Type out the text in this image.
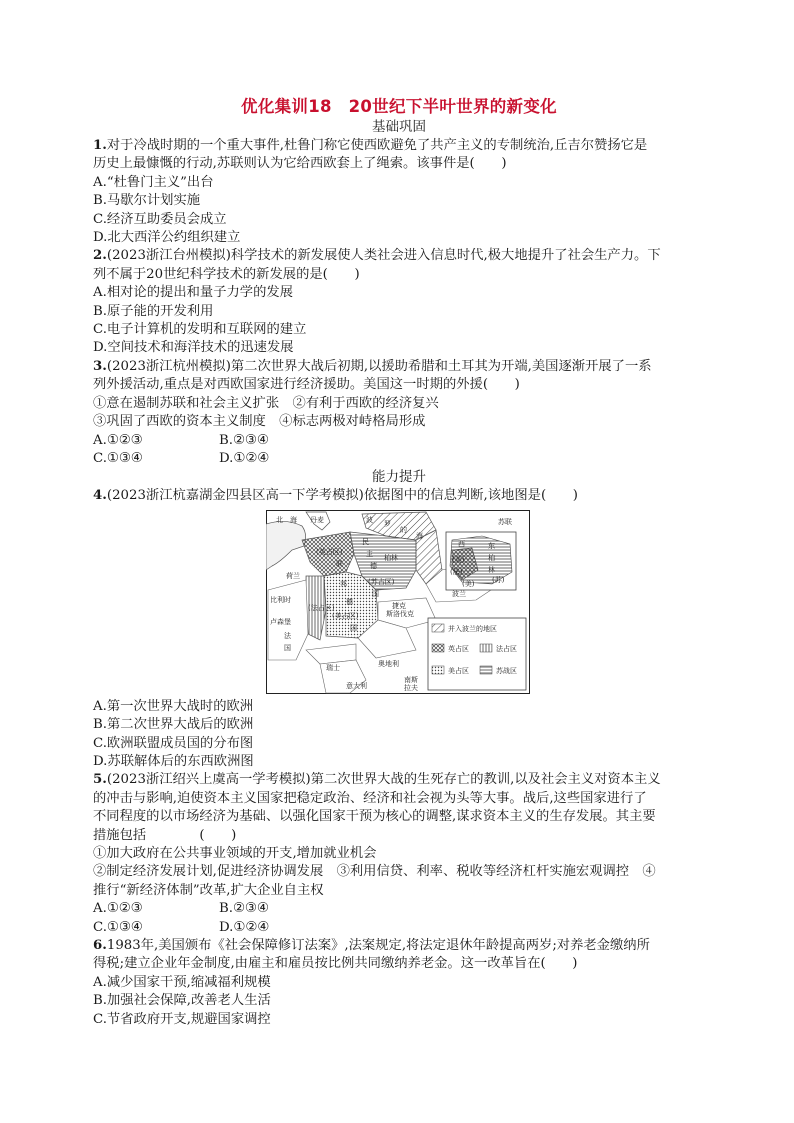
优化集训18　20世纪下半叶世界的新变化
基础巩固
1.对于冷战时期的一个重大事件,杜鲁门称它使西欧避免了共产主义的专制统治,丘吉尔赞扬它是
历史上最慷慨的行动,苏联则认为它给西欧套上了绳索。该事件是(　　)
A.“杜鲁门主义”出台
B.马歇尔计划实施
C.经济互助委员会成立
D.北大西洋公约组织建立
2.(2023浙江台州模拟)科学技术的新发展使人类社会进入信息时代,极大地提升了社会生产力。下
列不属于20世纪科学技术的新发展的是(　　)
A.相对论的提出和量子力学的发展
B.原子能的开发利用
C.电子计算机的发明和互联网的建立
D.空间技术和海洋技术的迅速发展
3.(2023浙江杭州模拟)第二次世界大战后初期,以援助希腊和土耳其为开端,美国逐渐开展了一系
列外援活动,重点是对西欧国家进行经济援助。美国这一时期的外援(　　)
①意在遏制苏联和社会主义扩张　②有利于西欧的经济复兴
③巩固了西欧的资本主义制度　④标志两极对峙格局形成
A.①②③	B.②③④
C.①③④	D.①②④
能力提升
4.(2023浙江杭嘉湖金四县区高一下学考模拟)依据图中的信息判断,该地图是(　　)
并入波兰的地区
英占区	法占区
美占区	苏战区
北　海 丹麦	波 罗
的
海
苏联
荷兰
比利时
卢森堡
法
国
波兰
捷克
斯洛伐克
瑞士	奥地利
意大利
南斯
拉夫
(英占区)
(美占区)
(法占区)
(苏占区)
柏林
民
主
德
国
联
邦
德
国
东
柏
林
西
(苏)
(英)
(美)
(法)
A.第一次世界大战时的欧洲
B.第二次世界大战后的欧洲
C.欧洲联盟成员国的分布图
D.苏联解体后的东西欧洲图
5.(2023浙江绍兴上虞高一学考模拟)第二次世界大战的生死存亡的教训,以及社会主义对资本主义
的冲击与影响,迫使资本主义国家把稳定政治、经济和社会视为头等大事。战后,这些国家进行了
不同程度的以市场经济为基础、以强化国家干预为核心的调整,谋求资本主义的生存发展。其主要
措施包括　　　　(　　)
①加大政府在公共事业领域的开支,增加就业机会
②制定经济发展计划,促进经济协调发展　③利用信贷、利率、税收等经济杠杆实施宏观调控　④
推行“新经济体制”改革,扩大企业自主权
A.①②③	B.②③④
C.①③④	D.①②④
6.1983年,美国颁布《社会保障修订法案》,法案规定,将法定退休年龄提高两岁;对养老金缴纳所
得税;建立企业年金制度,由雇主和雇员按比例共同缴纳养老金。这一改革旨在(　　)
A.减少国家干预,缩减福利规模
B.加强社会保障,改善老人生活
C.节省政府开支,规避国家调控
